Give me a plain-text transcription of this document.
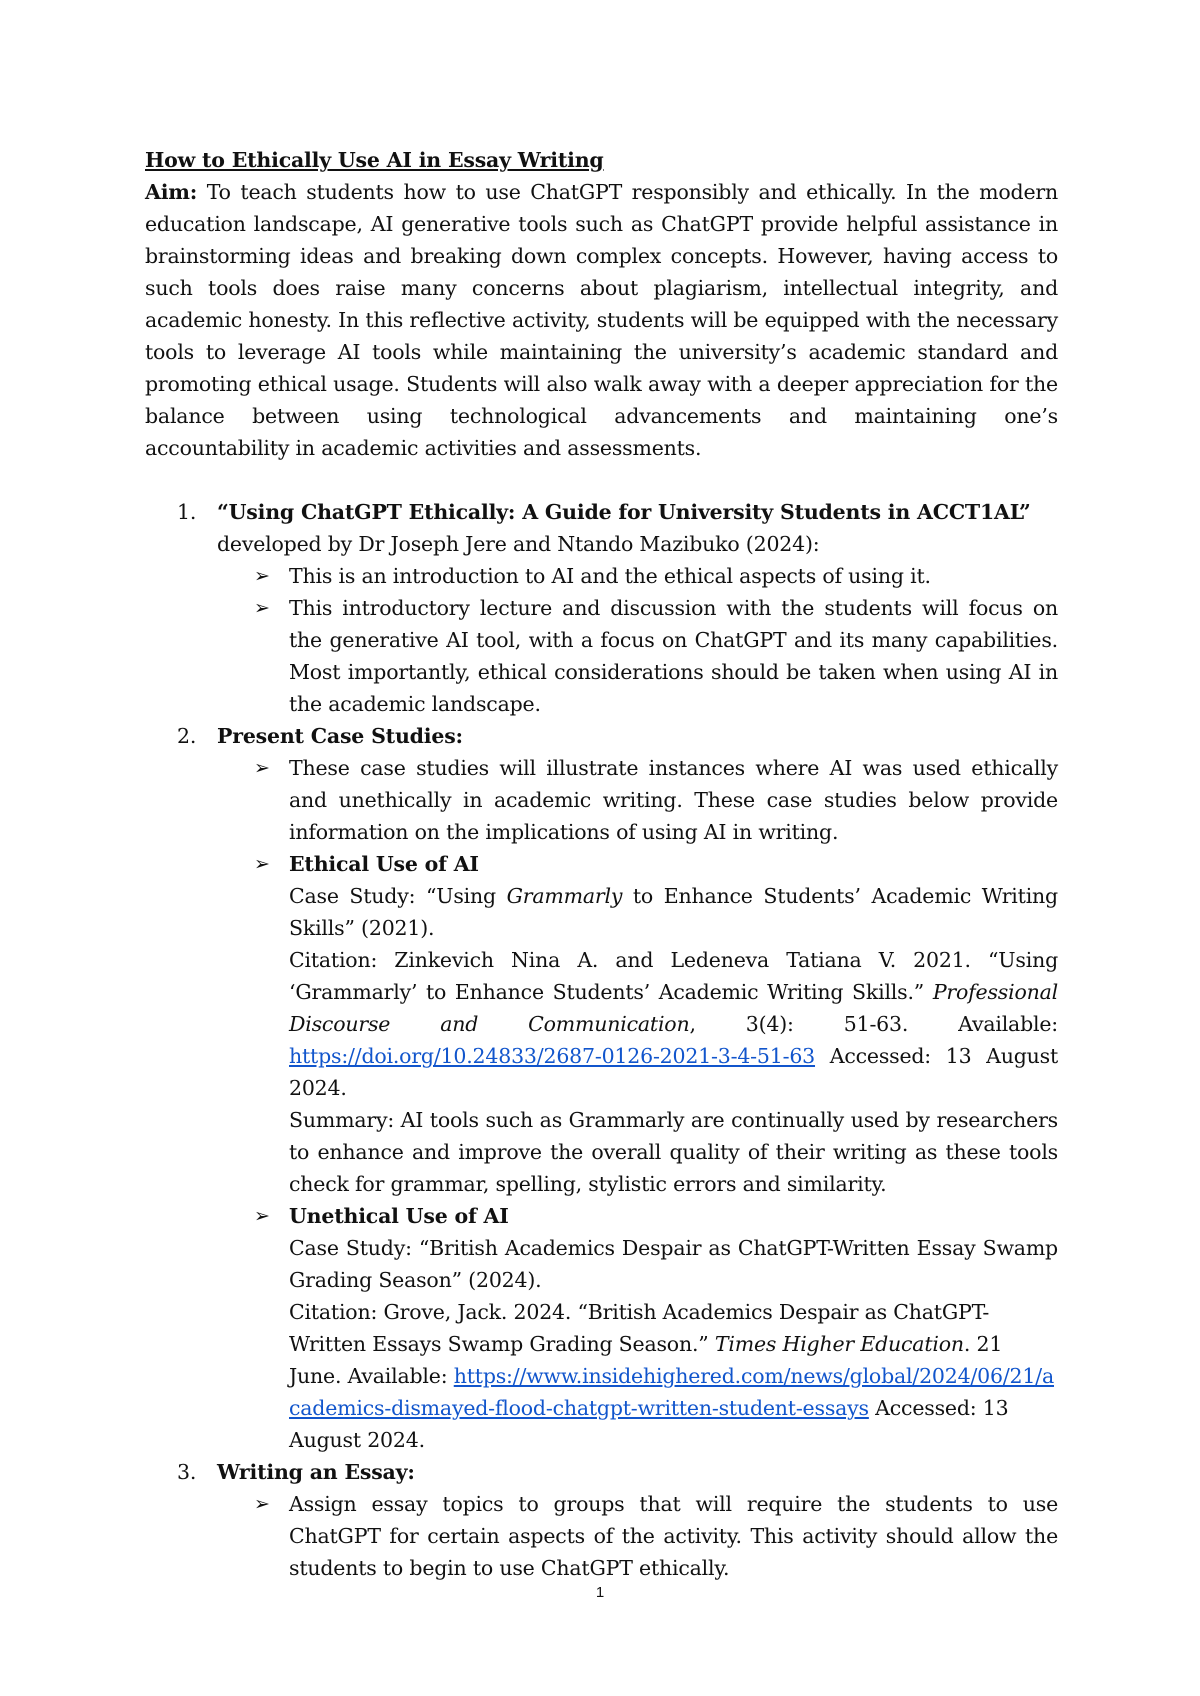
How to Ethically Use AI in Essay Writing

Aim: To teach students how to use ChatGPT responsibly and ethically. In the modern education landscape, AI generative tools such as ChatGPT provide helpful assistance in brainstorming ideas and breaking down complex concepts. However, having access to such tools does raise many concerns about plagiarism, intellectual integrity, and academic honesty. In this reflective activity, students will be equipped with the necessary tools to leverage AI tools while maintaining the university’s academic standard and promoting ethical usage. Students will also walk away with a deeper appreciation for the balance between using technological advancements and maintaining one’s accountability in academic activities and assessments.

1. “Using ChatGPT Ethically: A Guide for University Students in ACCT1AL”
developed by Dr Joseph Jere and Ntando Mazibuko (2024):
➢ This is an introduction to AI and the ethical aspects of using it.
➢ This introductory lecture and discussion with the students will focus on the generative AI tool, with a focus on ChatGPT and its many capabilities. Most importantly, ethical considerations should be taken when using AI in the academic landscape.
2. Present Case Studies:
➢ These case studies will illustrate instances where AI was used ethically and unethically in academic writing. These case studies below provide information on the implications of using AI in writing.
➢ Ethical Use of AI
Case Study: “Using Grammarly to Enhance Students’ Academic Writing Skills” (2021).
Citation: Zinkevich Nina A. and Ledeneva Tatiana V. 2021. “Using ‘Grammarly’ to Enhance Students’ Academic Writing Skills.” Professional Discourse and Communication, 3(4): 51-63. Available: https://doi.org/10.24833/2687-0126-2021-3-4-51-63 Accessed: 13 August 2024.
Summary: AI tools such as Grammarly are continually used by researchers to enhance and improve the overall quality of their writing as these tools check for grammar, spelling, stylistic errors and similarity.
➢ Unethical Use of AI
Case Study: “British Academics Despair as ChatGPT-Written Essay Swamp Grading Season” (2024).
Citation: Grove, Jack. 2024. “British Academics Despair as ChatGPT-Written Essays Swamp Grading Season.” Times Higher Education. 21 June. Available: https://www.insidehighered.com/news/global/2024/06/21/academics-dismayed-flood-chatgpt-written-student-essays Accessed: 13 August 2024.
3. Writing an Essay:
➢ Assign essay topics to groups that will require the students to use ChatGPT for certain aspects of the activity. This activity should allow the students to begin to use ChatGPT ethically.
1
